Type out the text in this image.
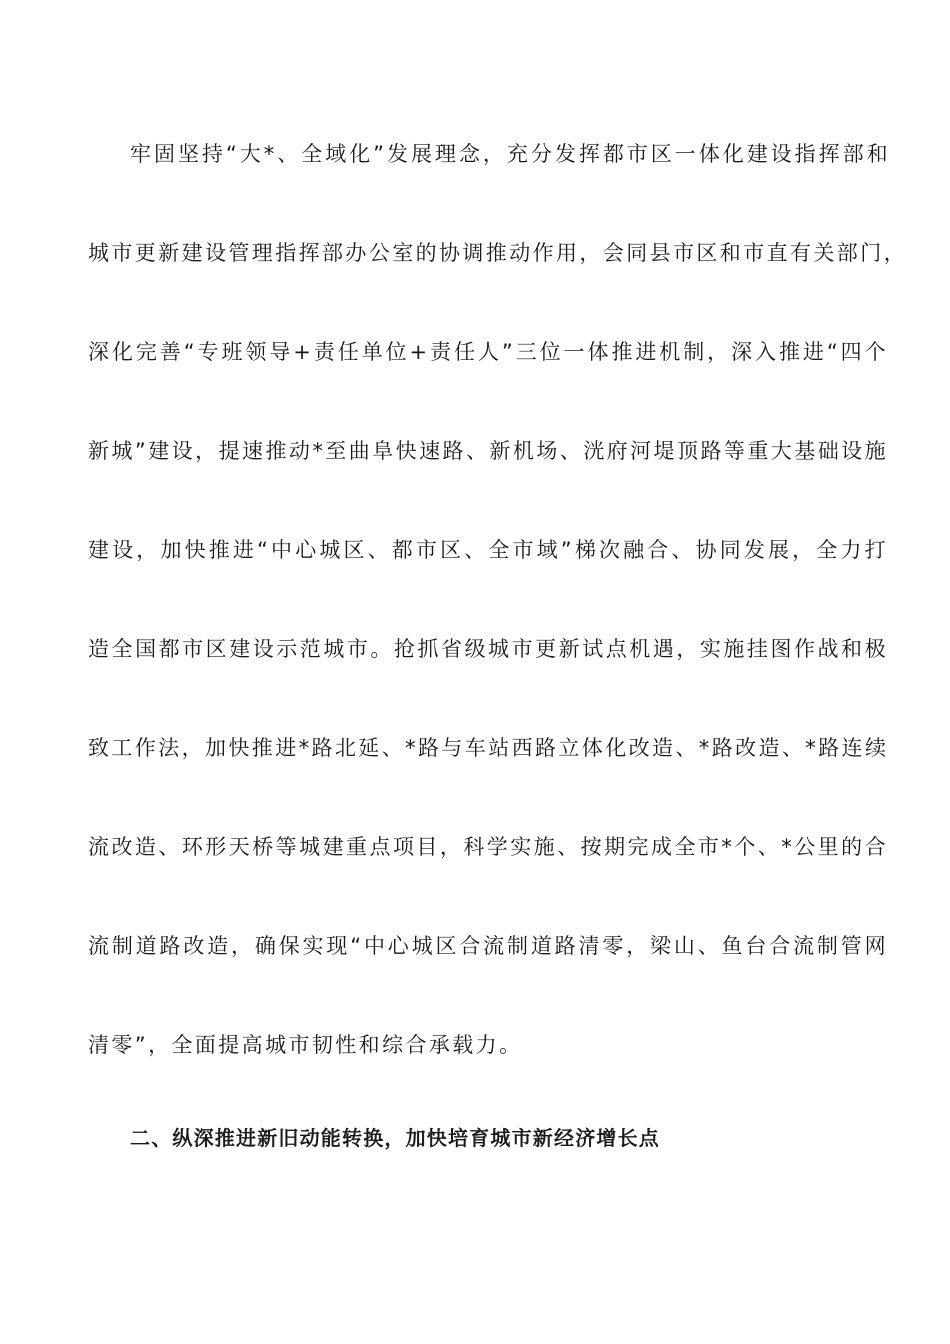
牢固坚持“大*、全域化”发展理念，充分发挥都市区一体化建设指挥部和
城市更新建设管理指挥部办公室的协调推动作用，会同县市区和市直有关部门，
深化完善“专班领导+责任单位+责任人”三位一体推进机制，深入推进“四个
新城”建设，提速推动*至曲阜快速路、新机场、洸府河堤顶路等重大基础设施
建设，加快推进“中心城区、都市区、全市域”梯次融合、协同发展，全力打
造全国都市区建设示范城市。抢抓省级城市更新试点机遇，实施挂图作战和极
致工作法，加快推进*路北延、*路与车站西路立体化改造、*路改造、*路连续
流改造、环形天桥等城建重点项目，科学实施、按期完成全市*个、*公里的合
流制道路改造，确保实现“中心城区合流制道路清零，梁山、鱼台合流制管网
清零”，全面提高城市韧性和综合承载力。
二、纵深推进新旧动能转换，加快培育城市新经济增长点
